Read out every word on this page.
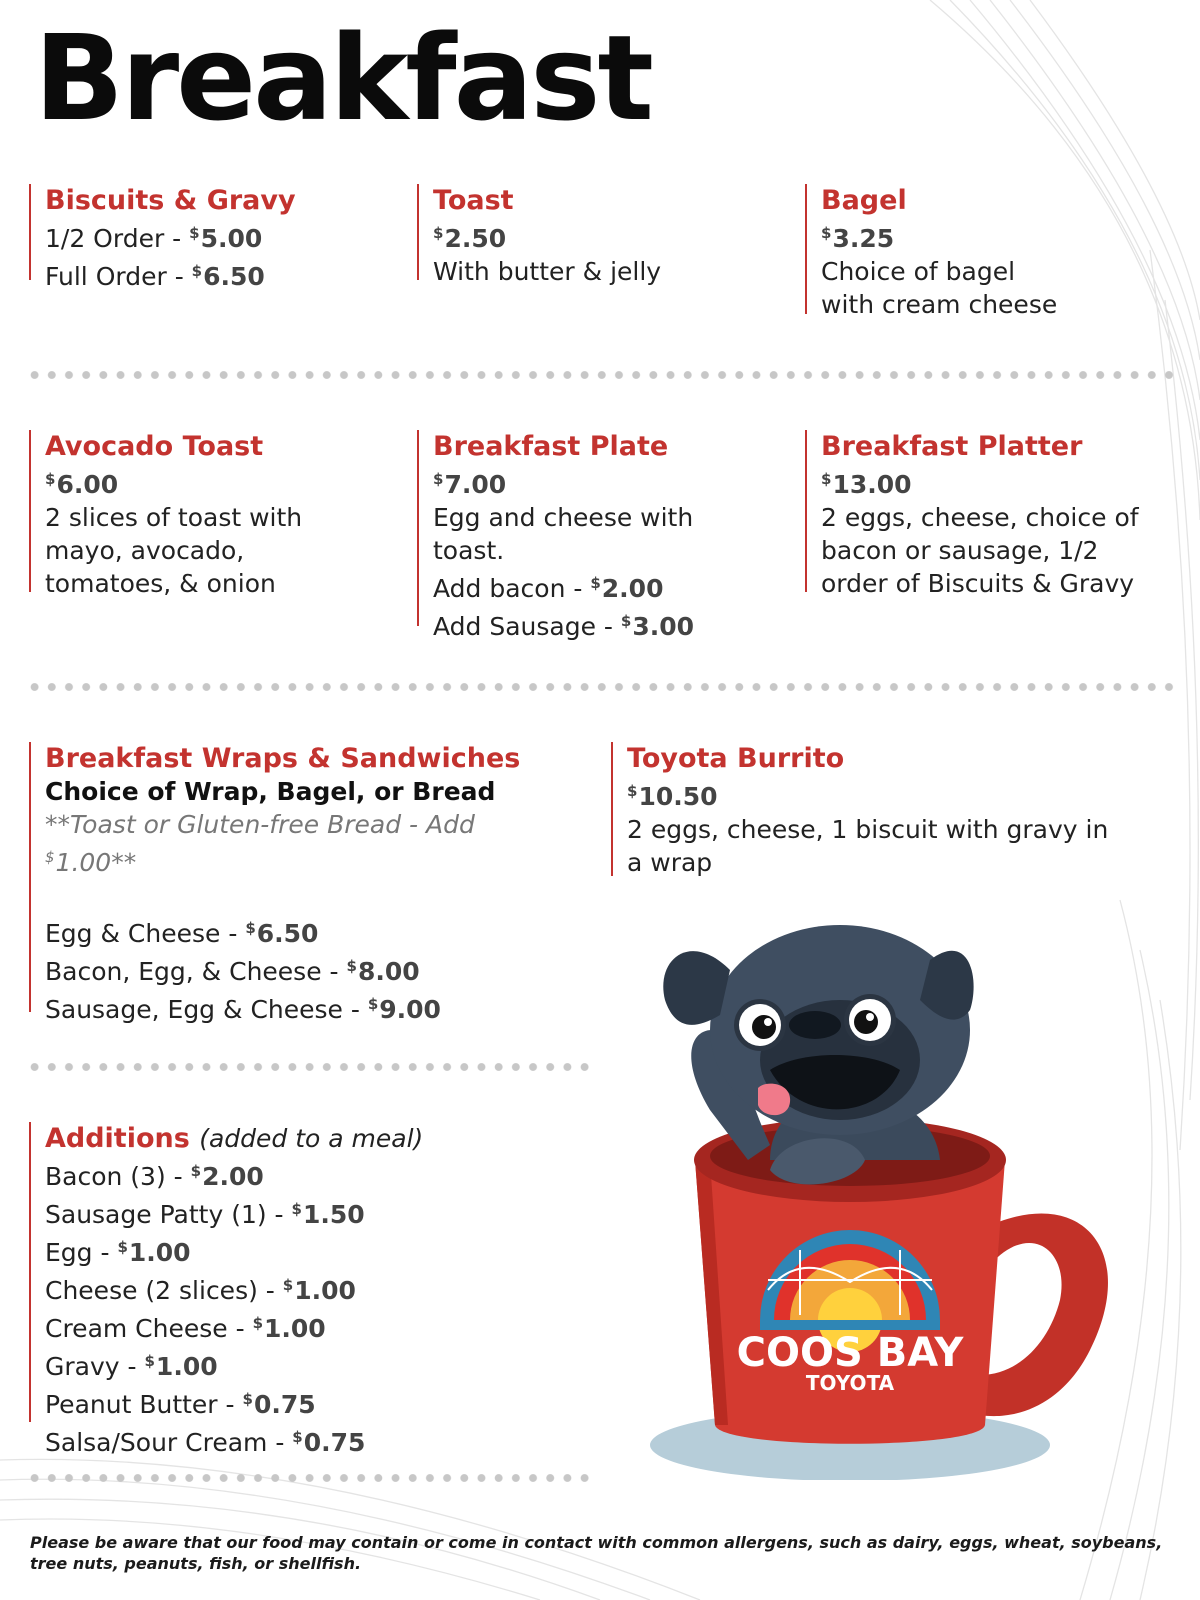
Breakfast
Biscuits & Gravy
1/2 Order - $5.00
Full Order - $6.50
Toast
$2.50
With butter & jelly
Bagel
$3.25
Choice of bagel
with cream cheese
Avocado Toast
$6.00
2 slices of toast with
mayo, avocado,
tomatoes, & onion
Breakfast Plate
$7.00
Egg and cheese with
toast.
Add bacon - $2.00
Add Sausage - $3.00
Breakfast Platter
$13.00
2 eggs, cheese, choice of
bacon or sausage, 1/2
order of Biscuits & Gravy
Breakfast Wraps & Sandwiches
Choice of Wrap, Bagel, or Bread
**Toast or Gluten-free Bread - Add
$1.00**
Egg & Cheese - $6.50
Bacon, Egg, & Cheese - $8.00
Sausage, Egg & Cheese - $9.00
Toyota Burrito
$10.50
2 eggs, cheese, 1 biscuit with gravy in
a wrap
Additions (added to a meal)
Bacon (3) - $2.00
Sausage Patty (1) - $1.50
Egg - $1.00
Cheese (2 slices) - $1.00
Cream Cheese - $1.00
Gravy - $1.00
Peanut Butter - $0.75
Salsa/Sour Cream - $0.75
COOS BAY
TOYOTA
Please be aware that our food may contain or come in contact with common allergens, such as dairy, eggs, wheat, soybeans, tree nuts, peanuts, fish, or shellfish.
